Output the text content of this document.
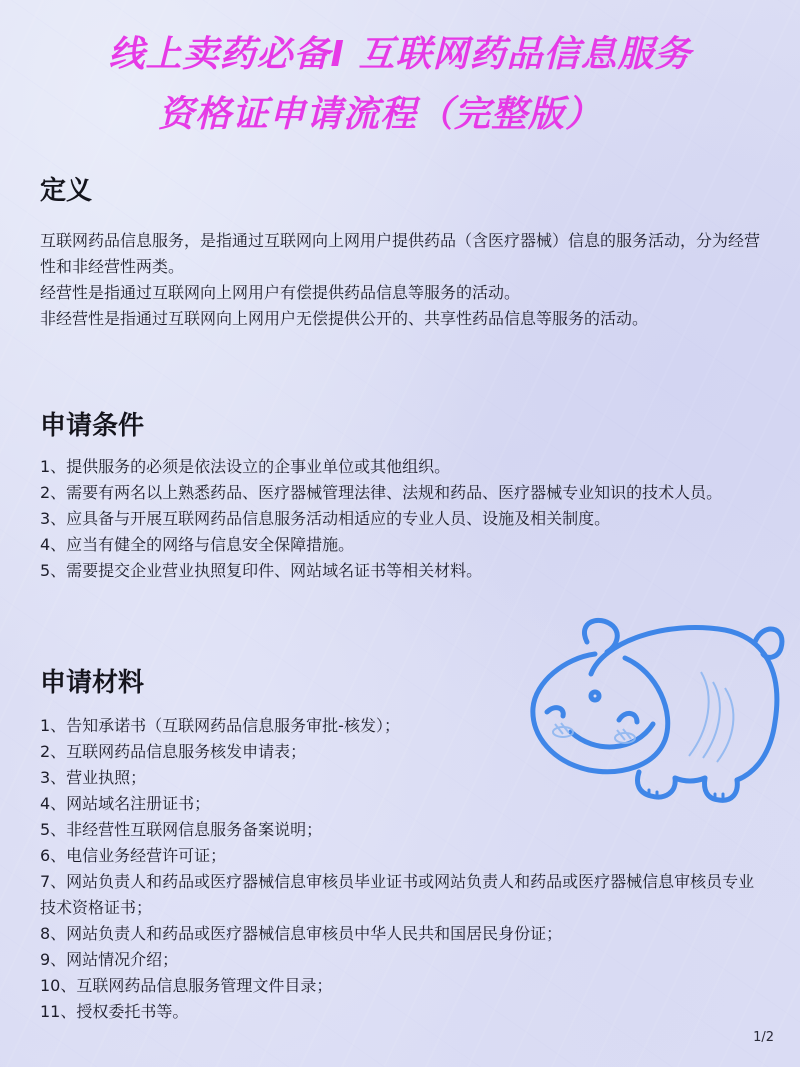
线上卖药必备I 互联网药品信息服务
资格证申请流程（完整版）
定义

互联网药品信息服务，是指通过互联网向上网用户提供药品（含医疗器械）信息的服务活动，分为经营性和非经营性两类。

经营性是指通过互联网向上网用户有偿提供药品信息等服务的活动。

非经营性是指通过互联网向上网用户无偿提供公开的、共享性药品信息等服务的活动。

申请条件
1、提供服务的必须是依法设立的企事业单位或其他组织。
2、需要有两名以上熟悉药品、医疗器械管理法律、法规和药品、医疗器械专业知识的技术人员。
3、应具备与开展互联网药品信息服务活动相适应的专业人员、设施及相关制度。
4、应当有健全的网络与信息安全保障措施。
5、需要提交企业营业执照复印件、网站域名证书等相关材料。
申请材料
1、告知承诺书（互联网药品信息服务审批-核发）；
2、互联网药品信息服务核发申请表；
3、营业执照；
4、网站域名注册证书；
5、非经营性互联网信息服务备案说明；
6、电信业务经营许可证；
7、网站负责人和药品或医疗器械信息审核员毕业证书或网站负责人和药品或医疗器械信息审核员专业技术资格证书；
8、网站负责人和药品或医疗器械信息审核员中华人民共和国居民身份证；
9、网站情况介绍；
10、互联网药品信息服务管理文件目录；
11、授权委托书等。
1/2
